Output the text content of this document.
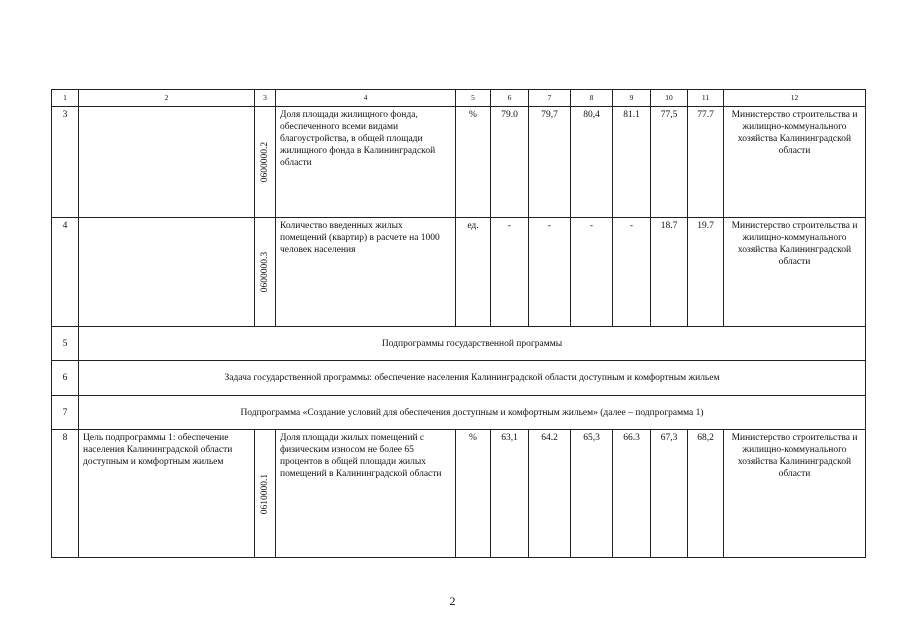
1	2	3	4	5	6	7	8	9	10	11	12
3		0600000.2	Доля площади жилищного фонда, обеспеченного всеми видами благоустройства, в общей площади жилищного фонда в Калининградской области	%	79.0	79,7	80,4	81.1	77,5	77.7	Министерство строительства и жилищно-коммунального хозяйства Калининградской области
4		0600000.3	Количество введенных жилых помещений (квартир) в расчете на 1000 человек населения	ед.	-	-	-	-	18.7	19.7	Министерство строительства и жилищно-коммунального хозяйства Калининградской области
5	Подпрограммы государственной программы										
6	Задача государственной программы: обеспечение населения Калининградской области доступным и комфортным жильем										
7	Подпрограмма «Создание условий для обеспечения доступным и комфортным жильем» (далее – подпрограмма 1)										
8	Цель подпрограммы 1: обеспечение населения Калининградской области доступным и комфортным жильем	0610000.1	Доля площади жилых помещений с физическим износом не более 65 процентов в общей площади жилых помещений в Калининградской области	%	63,1	64.2	65,3	66.3	67,3	68,2	Министерство строительства и жилищно-коммунального хозяйства Калининградской области
2
